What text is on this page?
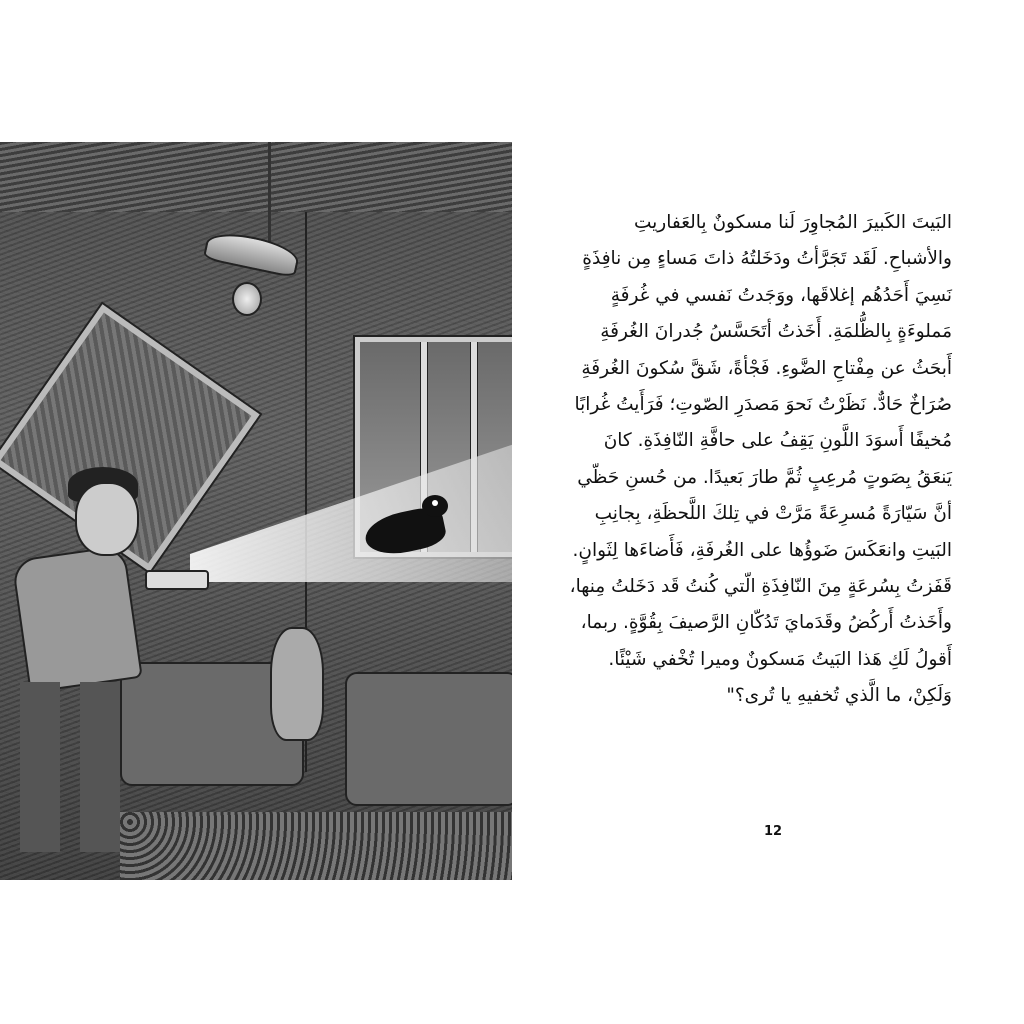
البَيتَ الكَبيرَ المُجاوِرَ لَنا مسكونٌ بِالعَفاريتِ

والأشباحِ. لَقَد تَجَرَّأتُ ودَخَلتُهُ ذاتَ مَساءٍ مِن نافِذَةٍ

نَسِيَ أَحَدُهُم إغلاقَها، ووَجَدتُ نَفسي في غُرفَةٍ

مَملوءَةٍ بِالظُّلمَةِ. أَخَذتُ أتَحَسَّسُ جُدرانَ الغُرفَةِ

أَبحَثُ عن مِفْتاحِ الضَّوءِ. فَجْأةً، شَقَّ سُكونَ الغُرفَةِ

صُرَاخٌ حَادٌّ. نَظَرْتُ نَحوَ مَصدَرِ الصّوتِ؛ فَرَأَيتُ غُرابًا

مُخيفًا أَسوَدَ اللَّونِ يَقِفُ على حافَّةِ النّافِذَةِ. كانَ

يَنعَقُ بِصَوتٍ مُرعِبٍ ثُمَّ طارَ بَعيدًا. من حُسنِ حَظّي

أنَّ سَيّارَةً مُسرِعَةً مَرَّتْ في تِلكَ اللَّحظَةِ، بِجانِبِ

البَيتِ وانعَكَسَ ضَوؤُها على الغُرفَةِ، فَأَضاءَها لِثَوانٍ.

قَفَزتُ بِسُرعَةٍ مِنَ النّافِذَةِ الّتي كُنتُ قَد دَخَلتُ مِنها،

وأَخَذتُ أَركُضُ وقَدَمايَ تَدُكّانِ الرَّصيفَ بِقُوَّةٍ. ربما،

أَقولُ لَكِ هَذا البَيتُ مَسكونٌ وميرا تُخْفي شَيْئًا.

وَلَكِنْ، ما الَّذي تُخفيهِ يا تُرى؟"

12
